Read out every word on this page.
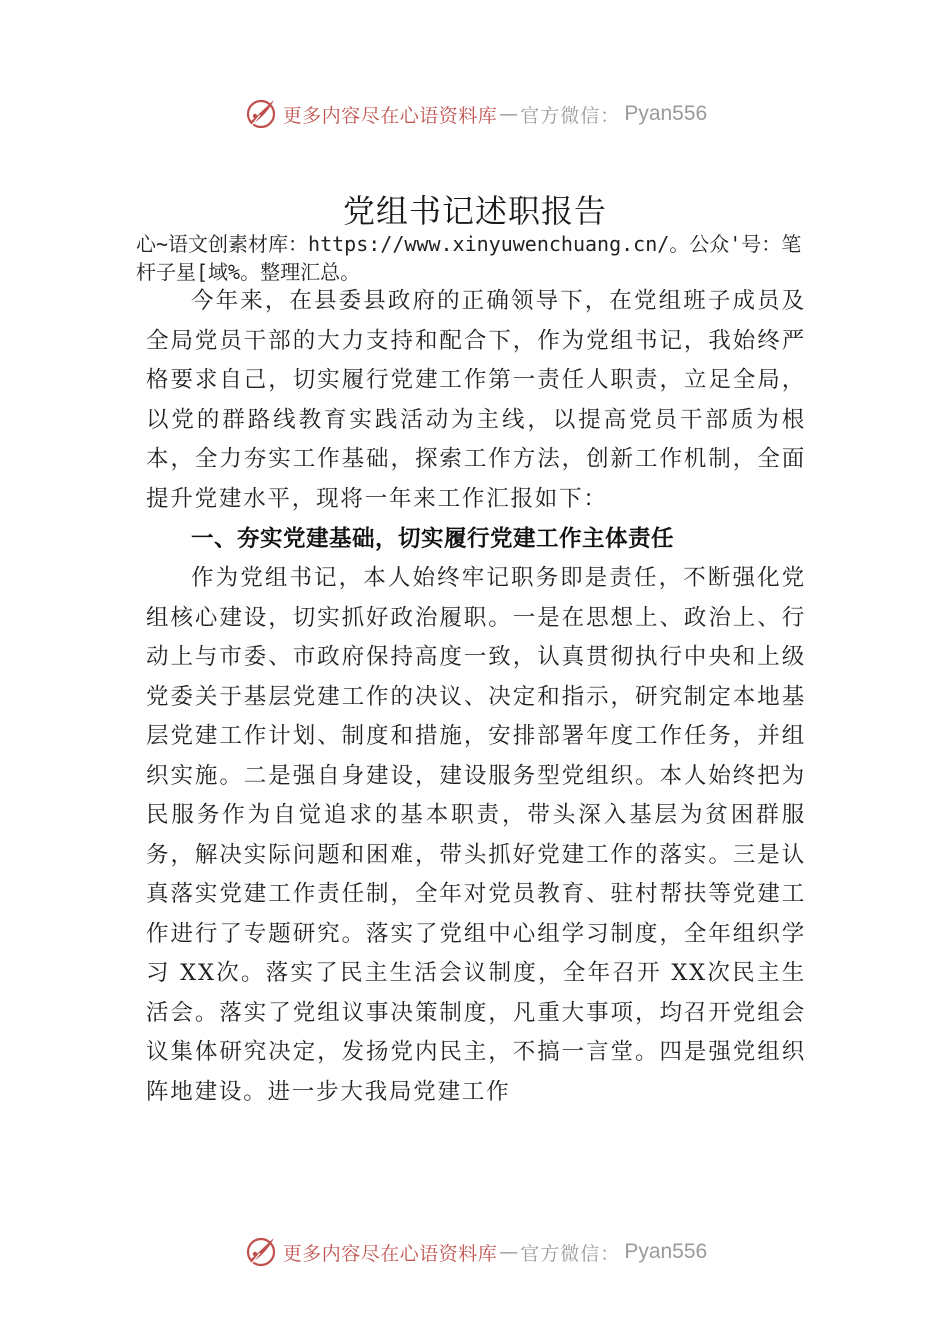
更多内容尽在心语资料库 — 官方微信： Pyan556
党组书记述职报告
心~语文创素材库：https://www.xinyuwenchuang.cn/。公众'号：笔杆子星[域%。整理汇总。

今年来，在县委县政府的正确领导下，在党组班子成员及全局党员干部的大力支持和配合下，作为党组书记，我始终严格要求自己，切实履行党建工作第一责任人职责，立足全局，以党的群路线教育实践活动为主线，以提高党员干部质为根本，全力夯实工作基础，探索工作方法，创新工作机制，全面提升党建水平，现将一年来工作汇报如下：

一、夯实党建基础，切实履行党建工作主体责任

作为党组书记，本人始终牢记职务即是责任，不断强化党组核心建设，切实抓好政治履职。一是在思想上、政治上、行动上与市委、市政府保持高度一致，认真贯彻执行中央和上级党委关于基层党建工作的决议、决定和指示，研究制定本地基层党建工作计划、制度和措施，安排部署年度工作任务，并组织实施。二是强自身建设，建设服务型党组织。本人始终把为民服务作为自觉追求的基本职责，带头深入基层为贫困群服务，解决实际问题和困难，带头抓好党建工作的落实。三是认真落实党建工作责任制，全年对党员教育、驻村帮扶等党建工作进行了专题研究。落实了党组中心组学习制度，全年组织学习 XX次。落实了民主生活会议制度，全年召开 XX次民主生活会。落实了党组议事决策制度，凡重大事项，均召开党组会议集体研究决定，发扬党内民主，不搞一言堂。四是强党组织阵地建设。进一步大我局党建工作

更多内容尽在心语资料库 — 官方微信： Pyan556
